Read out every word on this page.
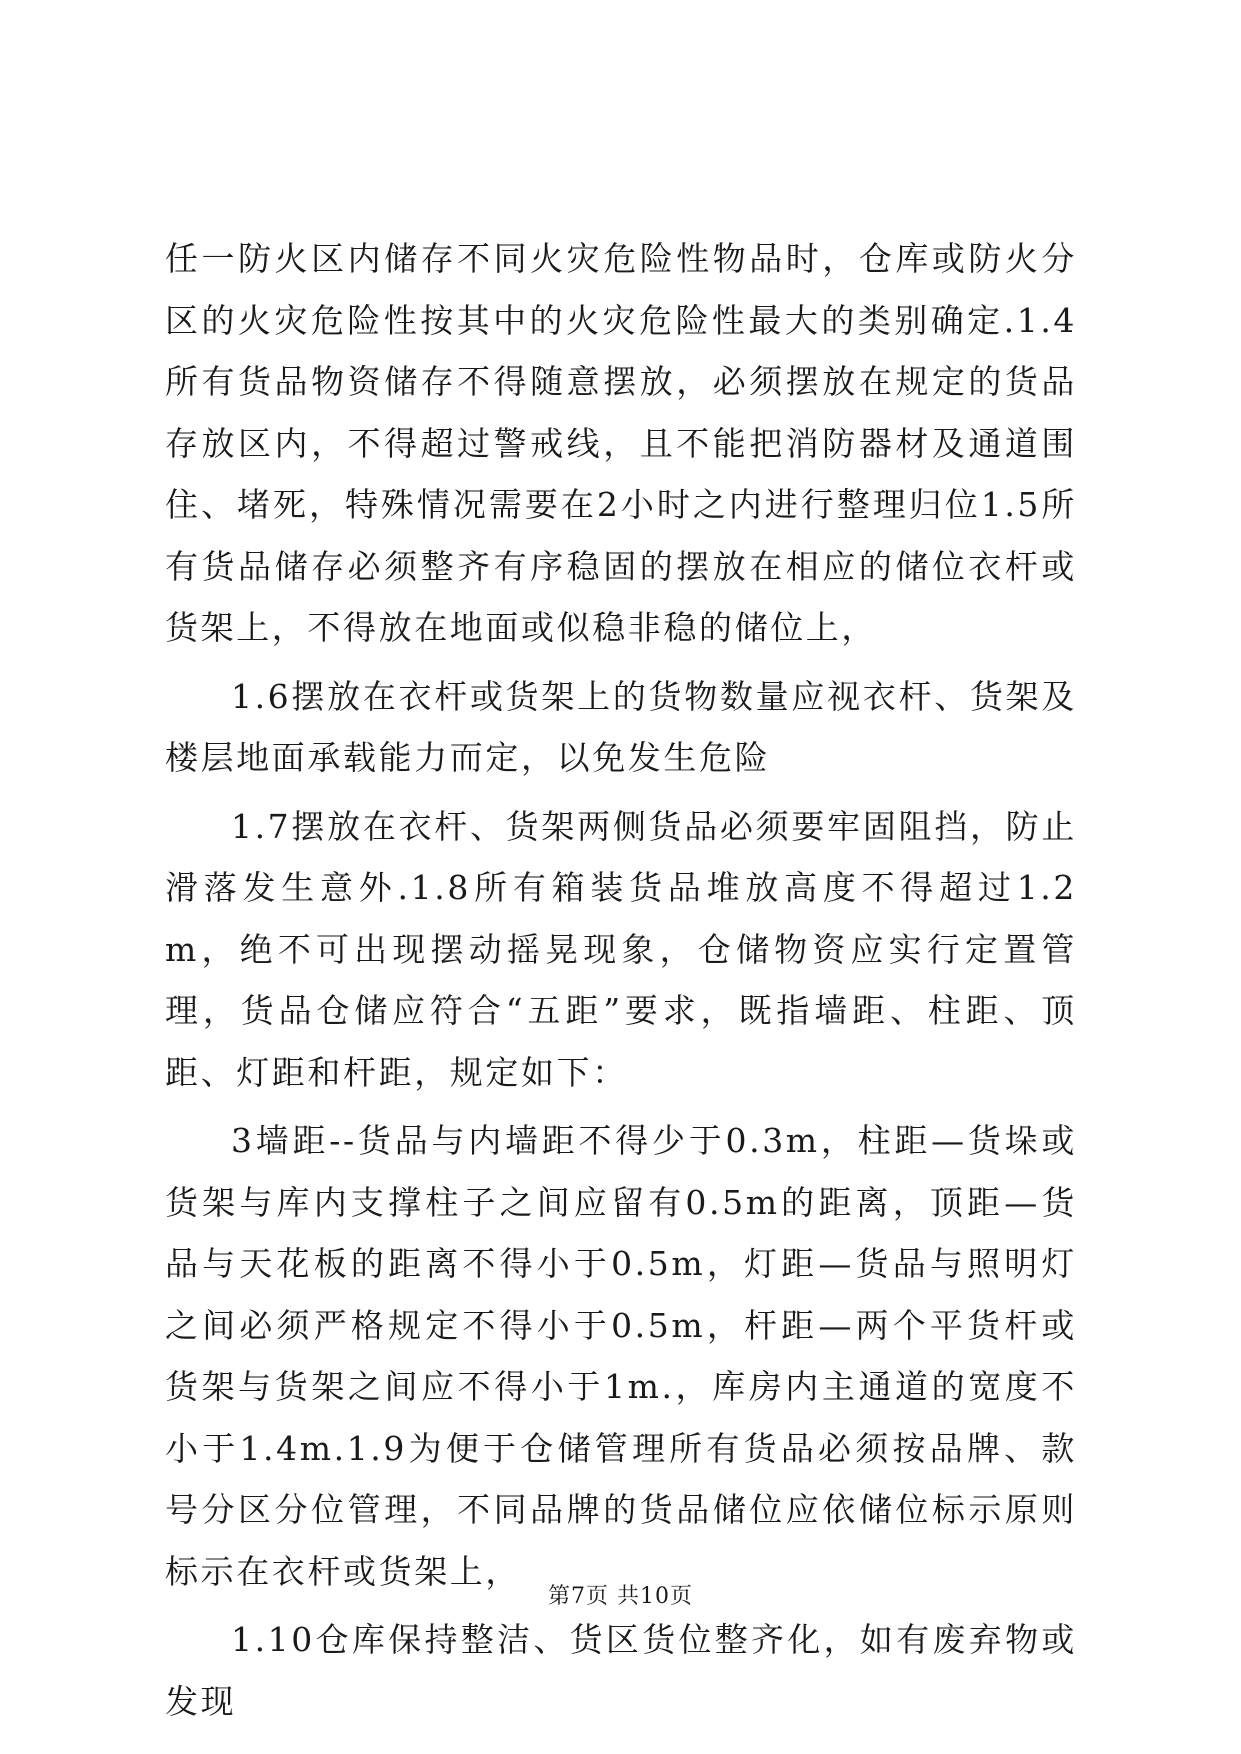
任一防火区内储存不同火灾危险性物品时，仓库或防火分区的火灾危险性按其中的火灾危险性最大的类别确定.1.4所有货品物资储存不得随意摆放，必须摆放在规定的货品存放区内，不得超过警戒线，且不能把消防器材及通道围住、堵死，特殊情况需要在2小时之内进行整理归位1.5所有货品储存必须整齐有序稳固的摆放在相应的储位衣杆或货架上，不得放在地面或似稳非稳的储位上，

1.6摆放在衣杆或货架上的货物数量应视衣杆、货架及楼层地面承载能力而定，以免发生危险

1.7摆放在衣杆、货架两侧货品必须要牢固阻挡，防止滑落发生意外.1.8所有箱装货品堆放高度不得超过1.2m，绝不可出现摆动摇晃现象，仓储物资应实行定置管理，货品仓储应符合“五距”要求，既指墙距、柱距、顶距、灯距和杆距，规定如下：

3墙距--货品与内墙距不得少于0.3m，柱距—货垛或货架与库内支撑柱子之间应留有0.5m的距离，顶距—货品与天花板的距离不得小于0.5m，灯距—货品与照明灯之间必须严格规定不得小于0.5m，杆距—两个平货杆或货架与货架之间应不得小于1m.，库房内主通道的宽度不小于1.4m.1.9为便于仓储管理所有货品必须按品牌、款号分区分位管理，不同品牌的货品储位应依储位标示原则标示在衣杆或货架上，

1.10仓库保持整洁、货区货位整齐化，如有废弃物或发现

第7页 共10页
